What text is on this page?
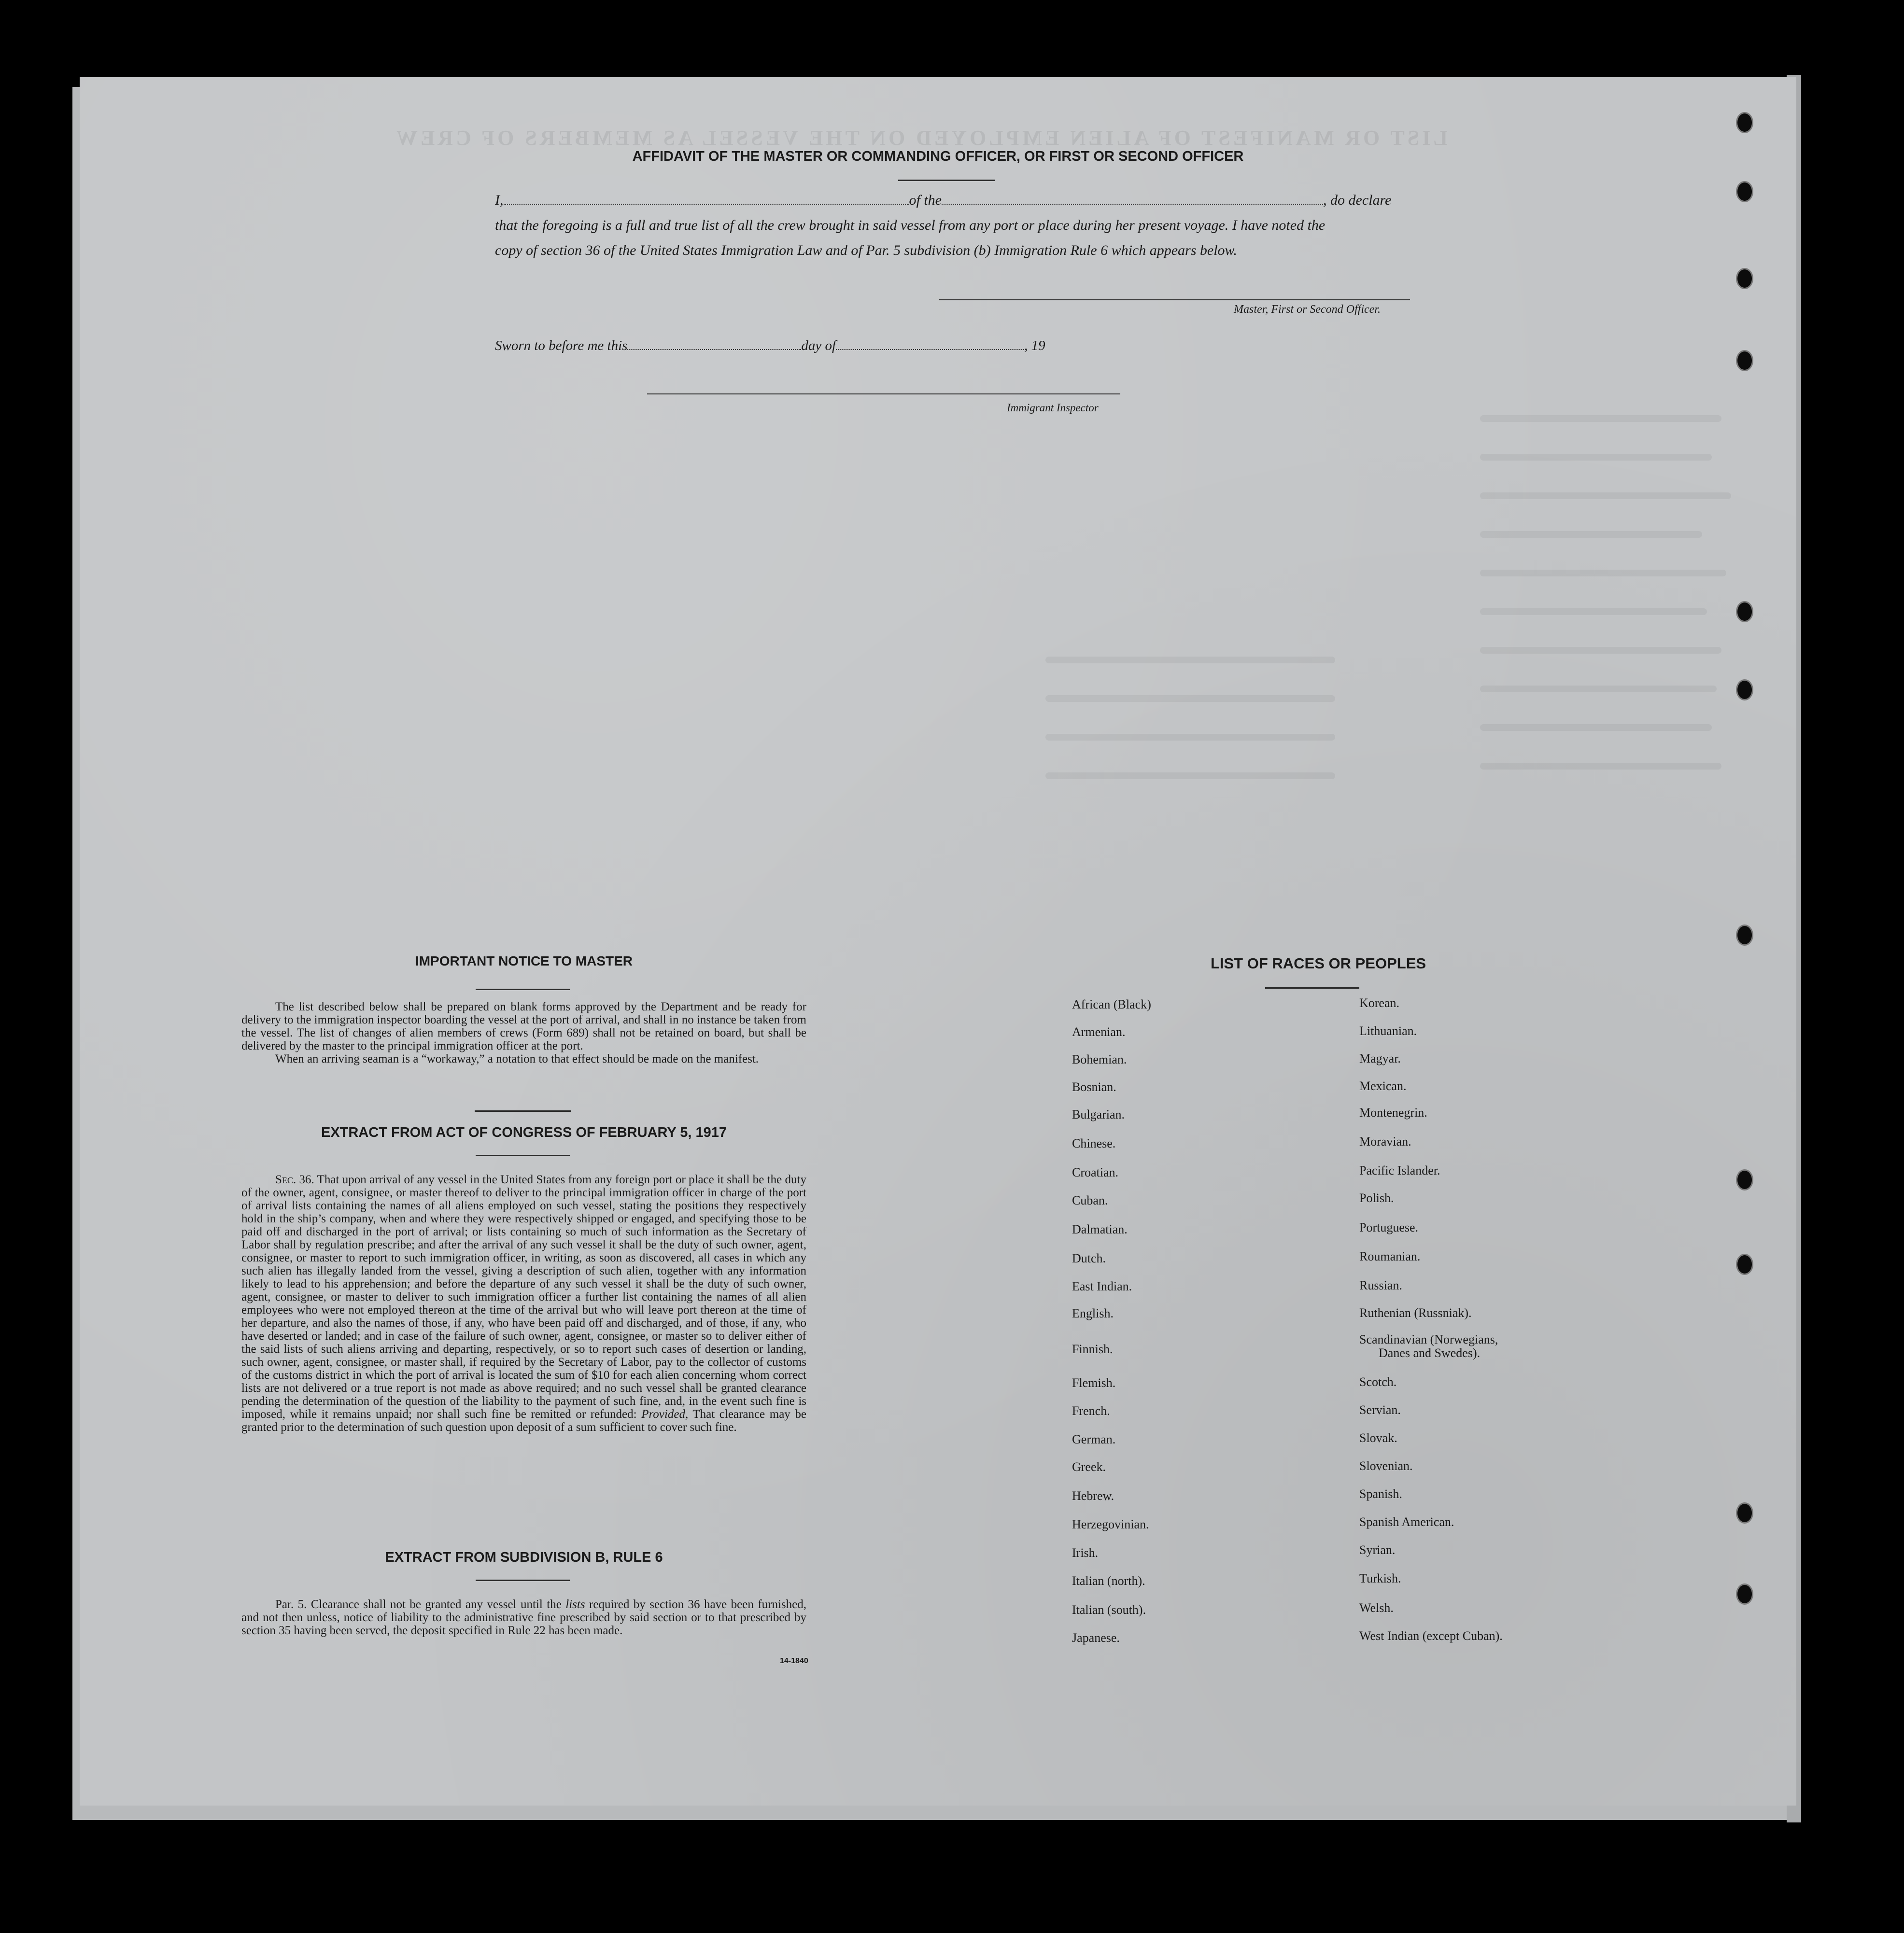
LIST OR MANIFEST OF ALIEN EMPLOYED ON THE VESSEL AS MEMBERS OF CREW
AFFIDAVIT OF THE MASTER OR COMMANDING OFFICER, OR FIRST OR SECOND OFFICER
I,	of the	, do declare
that the foregoing is a full and true list of all the crew brought in said vessel from any port or place during her present voyage. I have noted the
copy of section 36 of the United States Immigration Law and of Par. 5 subdivision (b) Immigration Rule 6 which appears below.
Master, First or Second Officer.
Sworn to before me this	day of	, 19
Immigrant Inspector
IMPORTANT NOTICE TO MASTER
The list described below shall be prepared on blank forms approved by the Department and be ready for delivery to the immigration inspector boarding the vessel at the port of arrival, and shall in no instance be taken from the vessel. The list of changes of alien members of crews (Form 689) shall not be retained on board, but shall be delivered by the master to the principal immigration officer at the port.
When an arriving seaman is a “workaway,” a notation to that effect should be made on the manifest.
EXTRACT FROM ACT OF CONGRESS OF FEBRUARY 5, 1917
Sec. 36. That upon arrival of any vessel in the United States from any foreign port or place it shall be the duty of the owner, agent, consignee, or master thereof to deliver to the principal immigration officer in charge of the port of arrival lists containing the names of all aliens employed on such vessel, stating the positions they respectively hold in the ship’s company, when and where they were respectively shipped or engaged, and specifying those to be paid off and discharged in the port of arrival; or lists containing so much of such information as the Secretary of Labor shall by regulation prescribe; and after the arrival of any such vessel it shall be the duty of such owner, agent, consignee, or master to report to such immigration officer, in writing, as soon as discovered, all cases in which any such alien has illegally landed from the vessel, giving a description of such alien, together with any information likely to lead to his apprehension; and before the departure of any such vessel it shall be the duty of such owner, agent, consignee, or master to deliver to such immigration officer a further list containing the names of all alien employees who were not employed thereon at the time of the arrival but who will leave port thereon at the time of her departure, and also the names of those, if any, who have been paid off and discharged, and of those, if any, who have deserted or landed; and in case of the failure of such owner, agent, consignee, or master so to deliver either of the said lists of such aliens arriving and departing, respectively, or so to report such cases of desertion or landing, such owner, agent, consignee, or master shall, if required by the Secretary of Labor, pay to the collector of customs of the customs district in which the port of arrival is located the sum of $10 for each alien concerning whom correct lists are not delivered or a true report is not made as above required; and no such vessel shall be granted clearance pending the determination of the question of the liability to the payment of such fine, and, in the event such fine is imposed, while it remains unpaid; nor shall such fine be remitted or refunded: Provided, That clearance may be granted prior to the determination of such question upon deposit of a sum sufficient to cover such fine.
EXTRACT FROM SUBDIVISION B, RULE 6
Par. 5. Clearance shall not be granted any vessel until the lists required by section 36 have been furnished, and not then unless, notice of liability to the administrative fine prescribed by said section or to that prescribed by section 35 having been served, the deposit specified in Rule 22 has been made.
14-1840
LIST OF RACES OR PEOPLES
African (Black)
Armenian.
Bohemian.
Bosnian.
Bulgarian.
Chinese.
Croatian.
Cuban.
Dalmatian.
Dutch.
East Indian.
English.
Finnish.
Flemish.
French.
German.
Greek.
Hebrew.
Herzegovinian.
Irish.
Italian (north).
Italian (south).
Japanese.
Korean.
Lithuanian.
Magyar.
Mexican.
Montenegrin.
Moravian.
Pacific Islander.
Polish.
Portuguese.
Roumanian.
Russian.
Ruthenian (Russniak).
Scandinavian (Norwegians,
Danes and Swedes).
Scotch.
Servian.
Slovak.
Slovenian.
Spanish.
Spanish American.
Syrian.
Turkish.
Welsh.
West Indian (except Cuban).
